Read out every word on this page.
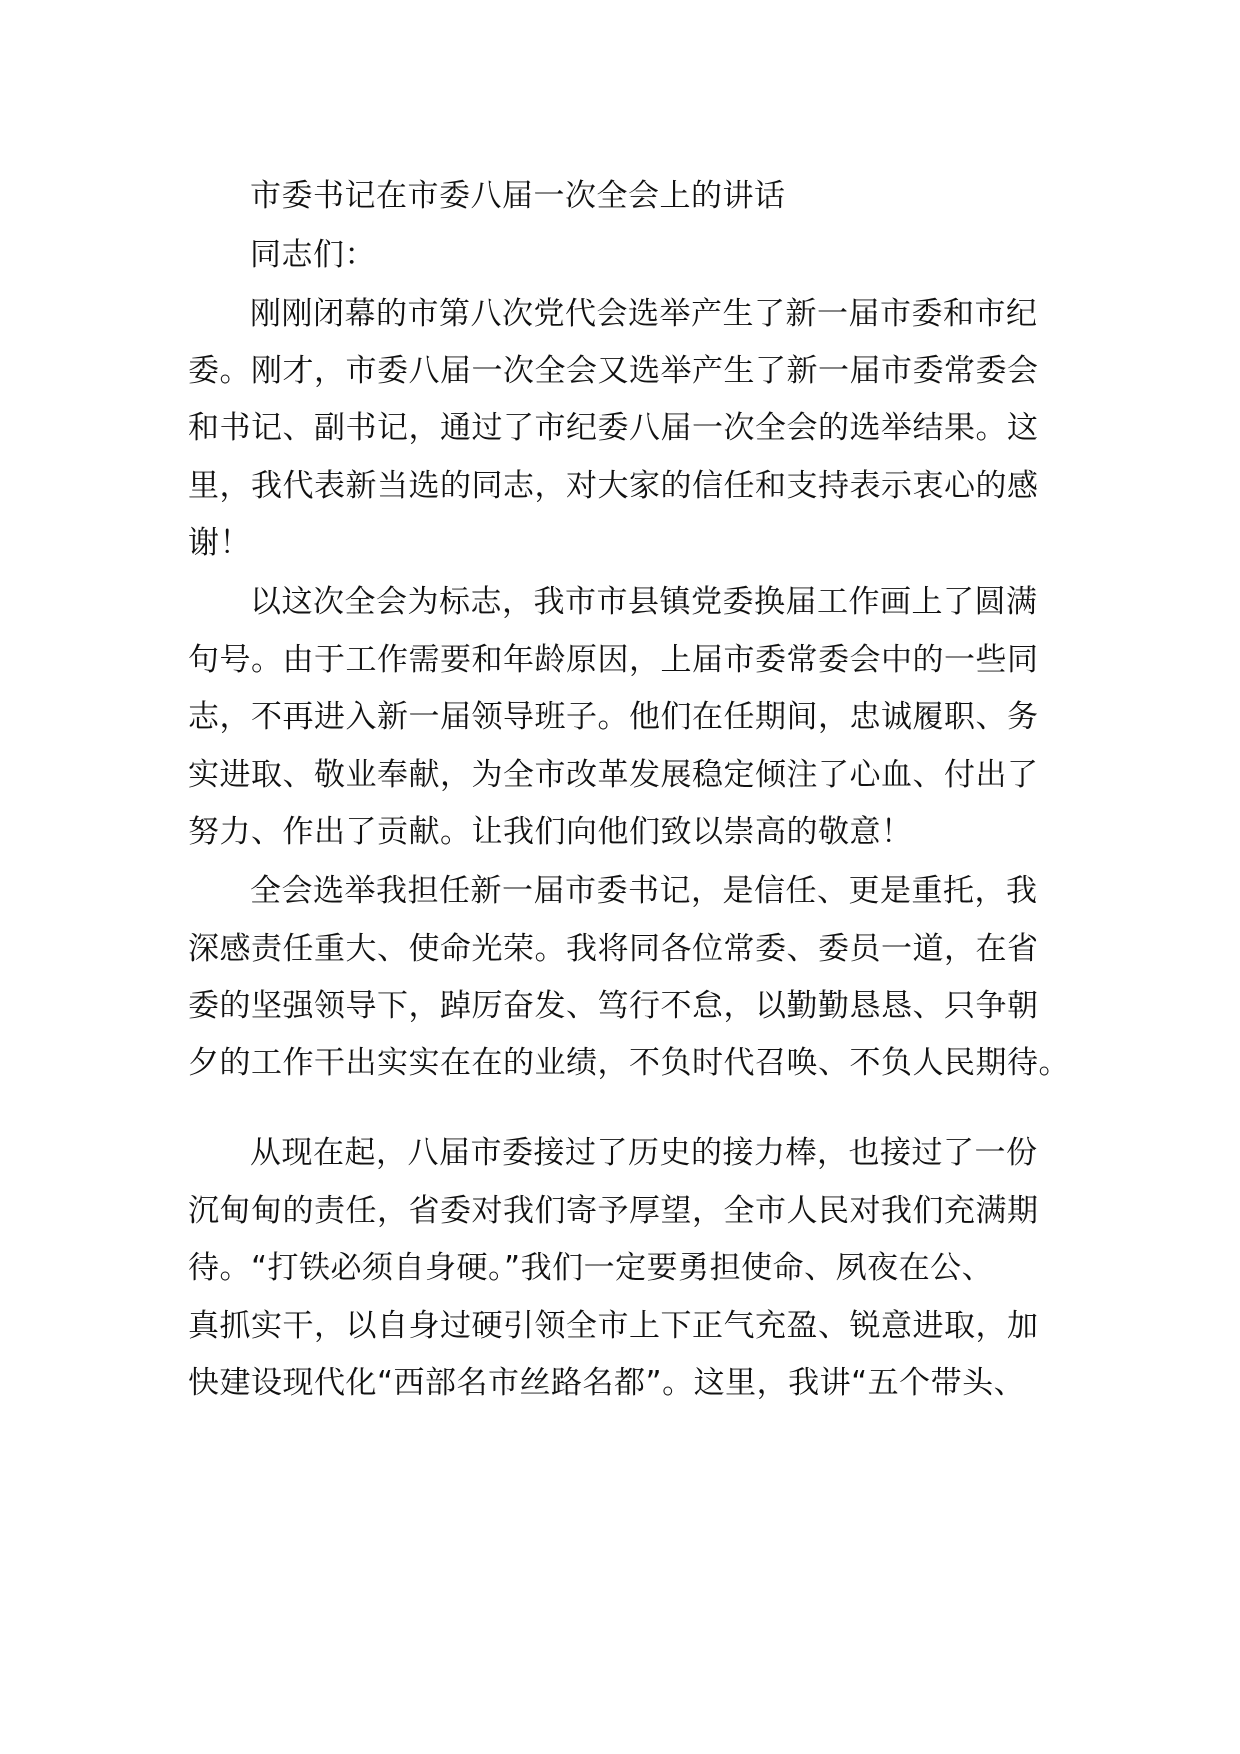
市委书记在市委八届一次全会上的讲话
同志们：
刚刚闭幕的市第八次党代会选举产生了新一届市委和市纪
委。刚才，市委八届一次全会又选举产生了新一届市委常委会
和书记、副书记，通过了市纪委八届一次全会的选举结果。这
里，我代表新当选的同志，对大家的信任和支持表示衷心的感
谢！
以这次全会为标志，我市市县镇党委换届工作画上了圆满
句号。由于工作需要和年龄原因，上届市委常委会中的一些同
志，不再进入新一届领导班子。他们在任期间，忠诚履职、务
实进取、敬业奉献，为全市改革发展稳定倾注了心血、付出了
努力、作出了贡献。让我们向他们致以崇高的敬意！
全会选举我担任新一届市委书记，是信任、更是重托，我
深感责任重大、使命光荣。我将同各位常委、委员一道，在省
委的坚强领导下，踔厉奋发、笃行不怠，以勤勤恳恳、只争朝
夕的工作干出实实在在的业绩，不负时代召唤、不负人民期待。
从现在起，八届市委接过了历史的接力棒，也接过了一份
沉甸甸的责任，省委对我们寄予厚望，全市人民对我们充满期
待。“打铁必须自身硬。”我们一定要勇担使命、夙夜在公、
真抓实干，以自身过硬引领全市上下正气充盈、锐意进取，加
快建设现代化“西部名市丝路名都”。这里，我讲“五个带头、
